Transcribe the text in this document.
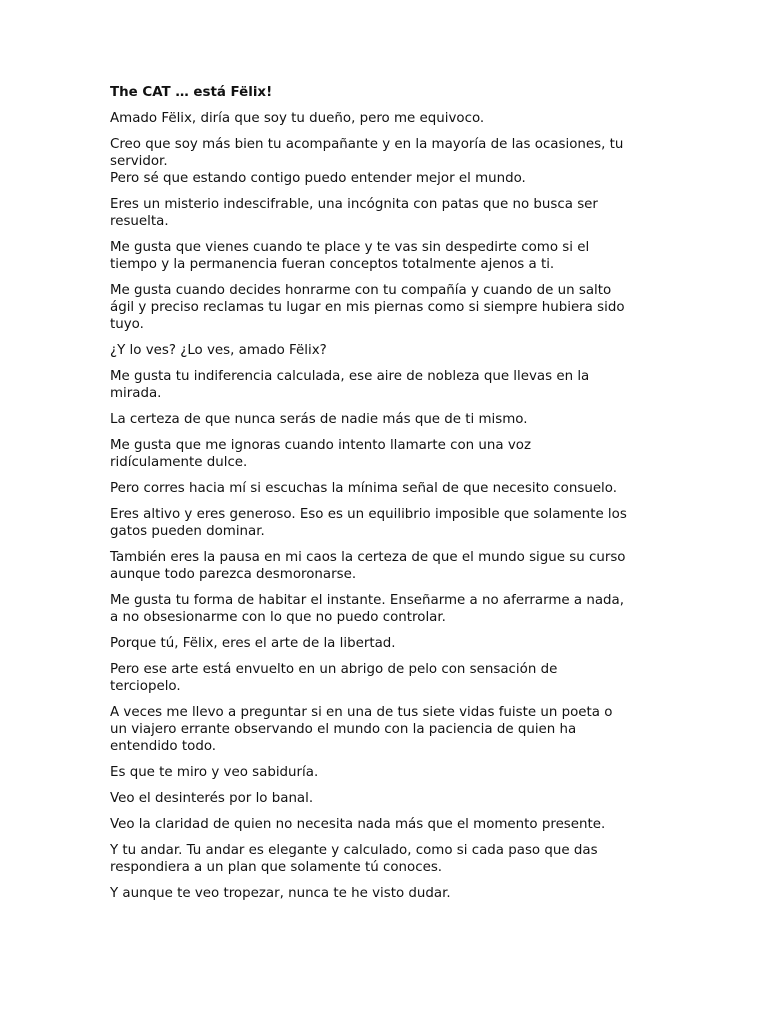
The CAT … está Fëlix!
Amado Fëlix, diría que soy tu dueño, pero me equivoco.
Creo que soy más bien tu acompañante y en la mayoría de las ocasiones, tu
servidor.
Pero sé que estando contigo puedo entender mejor el mundo.
Eres un misterio indescifrable, una incógnita con patas que no busca ser
resuelta.
Me gusta que vienes cuando te place y te vas sin despedirte como si el
tiempo y la permanencia fueran conceptos totalmente ajenos a ti.
Me gusta cuando decides honrarme con tu compañía y cuando de un salto
ágil y preciso reclamas tu lugar en mis piernas como si siempre hubiera sido
tuyo.
¿Y lo ves? ¿Lo ves, amado Fëlix?
Me gusta tu indiferencia calculada, ese aire de nobleza que llevas en la
mirada.
La certeza de que nunca serás de nadie más que de ti mismo.
Me gusta que me ignoras cuando intento llamarte con una voz
ridículamente dulce.
Pero corres hacia mí si escuchas la mínima señal de que necesito consuelo.
Eres altivo y eres generoso. Eso es un equilibrio imposible que solamente los
gatos pueden dominar.
También eres la pausa en mi caos la certeza de que el mundo sigue su curso
aunque todo parezca desmoronarse.
Me gusta tu forma de habitar el instante. Enseñarme a no aferrarme a nada,
a no obsesionarme con lo que no puedo controlar.
Porque tú, Fëlix, eres el arte de la libertad.
Pero ese arte está envuelto en un abrigo de pelo con sensación de
terciopelo.
A veces me llevo a preguntar si en una de tus siete vidas fuiste un poeta o
un viajero errante observando el mundo con la paciencia de quien ha
entendido todo.
Es que te miro y veo sabiduría.
Veo el desinterés por lo banal.
Veo la claridad de quien no necesita nada más que el momento presente.
Y tu andar. Tu andar es elegante y calculado, como si cada paso que das
respondiera a un plan que solamente tú conoces.
Y aunque te veo tropezar, nunca te he visto dudar.
